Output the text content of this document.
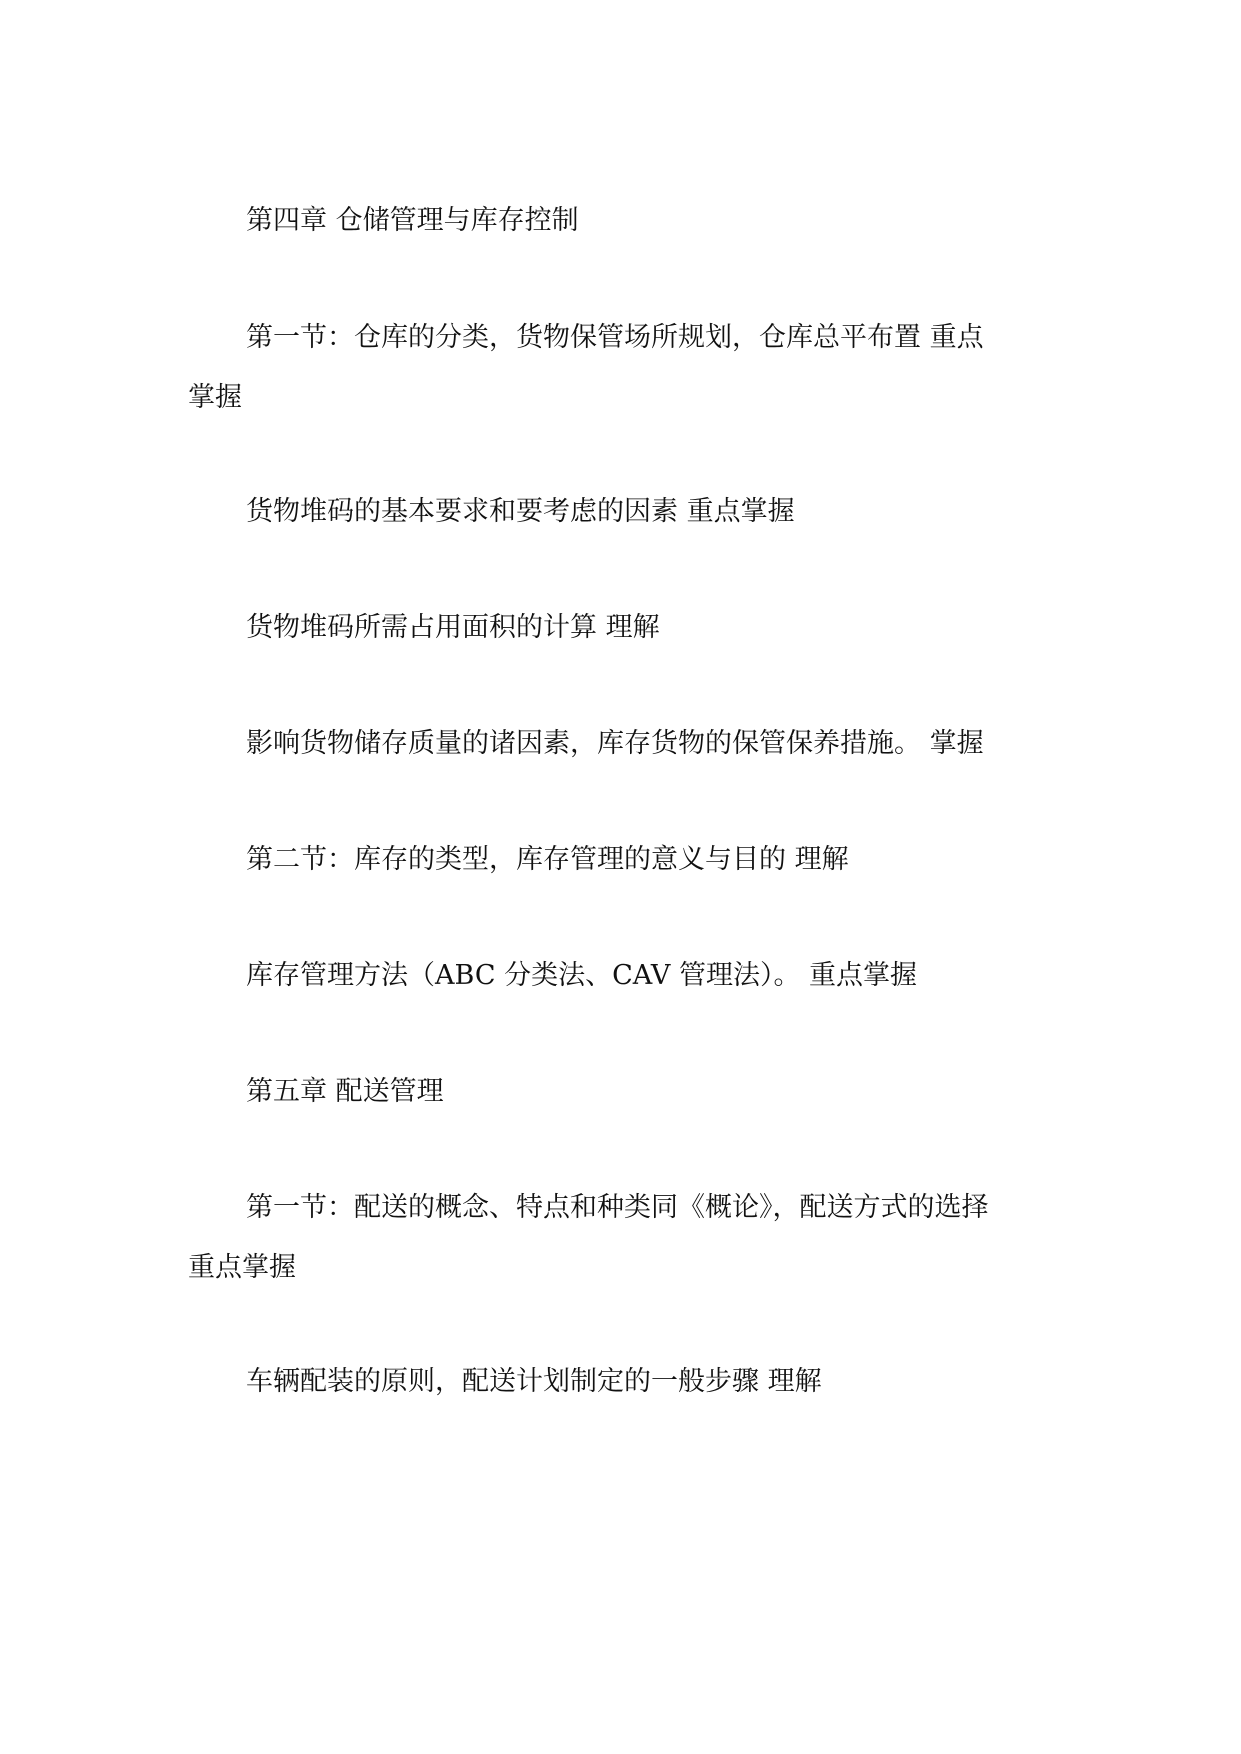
第四章 仓储管理与库存控制

第一节：仓库的分类，货物保管场所规划，仓库总平布置 重点
掌握

货物堆码的基本要求和要考虑的因素 重点掌握

货物堆码所需占用面积的计算 理解

影响货物储存质量的诸因素，库存货物的保管保养措施。 掌握

第二节：库存的类型，库存管理的意义与目的 理解

库存管理方法（ABC 分类法、CAV 管理法）。 重点掌握

第五章 配送管理

第一节：配送的概念、特点和种类同《概论》，配送方式的选择
重点掌握

车辆配装的原则，配送计划制定的一般步骤 理解
